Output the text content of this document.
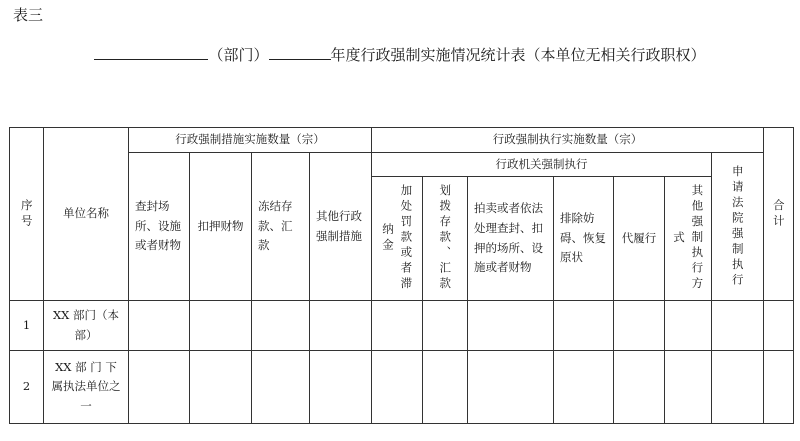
表三
（部门）	年度行政强制实施情况统计表（本单位无相关行政职权）
序号	单位名称	行政强制措施实施数量（宗）				行政强制执行实施数量（宗）							合计

		查封场所、设施或者财物	扣押财物	冻结存款、汇款	其他行政强制措施	行政机关强制执行						申请法院强制执行	

						加处罚款或者滞纳金	划拨存款、汇款	拍卖或者依法处理查封、扣押的场所、设施或者财物	排除妨碍、恢复原状	代履行	其他强制执行方式		

1	XX 部门（本部）												
2	XX 部 门 下属执法单位之一												
